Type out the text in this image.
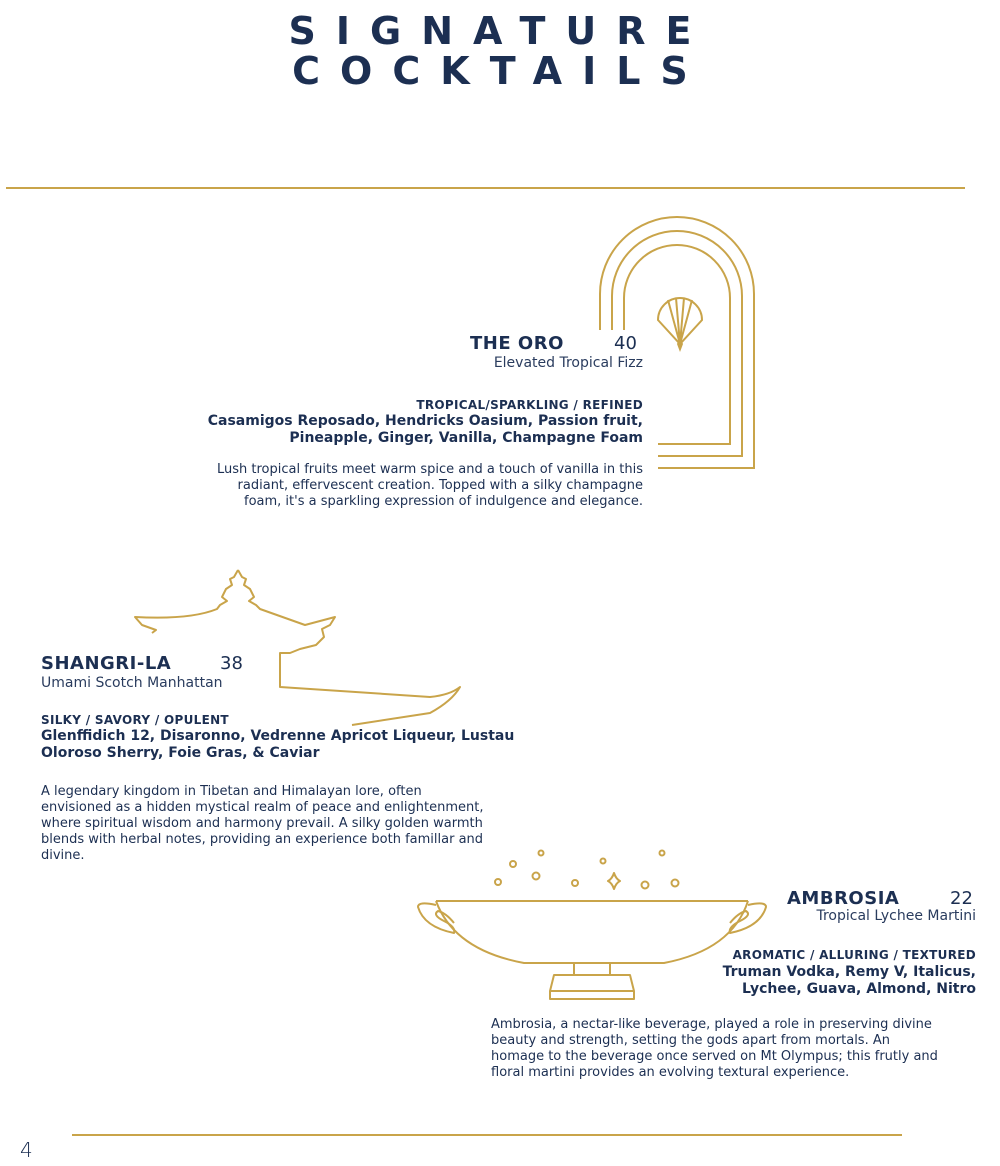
SIGNATURE
COCKTAILS
THE ORO	40
Elevated Tropical Fizz
TROPICAL/SPARKLING / REFINED
Casamigos Reposado, Hendricks Oasium, Passion fruit,
Pineapple, Ginger, Vanilla, Champagne Foam
Lush tropical fruits meet warm spice and a touch of vanilla in this
radiant, effervescent creation. Topped with a silky champagne
foam, it's a sparkling expression of indulgence and elegance.
SHANGRI-LA	38
Umami Scotch Manhattan
SILKY / SAVORY / OPULENT
Glenffidich 12, Disaronno, Vedrenne Apricot Liqueur, Lustau
Oloroso Sherry, Foie Gras, & Caviar
A legendary kingdom in Tibetan and Himalayan lore, often
envisioned as a hidden mystical realm of peace and enlightenment,
where spiritual wisdom and harmony prevail. A silky golden warmth
blends with herbal notes, providing an experience both famillar and
divine.
AMBROSIA	22
Tropical Lychee Martini
AROMATIC / ALLURING / TEXTURED
Truman Vodka, Remy V, Italicus,
Lychee, Guava, Almond, Nitro
Ambrosia, a nectar-like beverage, played a role in preserving divine
beauty and strength, setting the gods apart from mortals. An
homage to the beverage once served on Mt Olympus; this frutly and
floral martini provides an evolving textural experience.
4
